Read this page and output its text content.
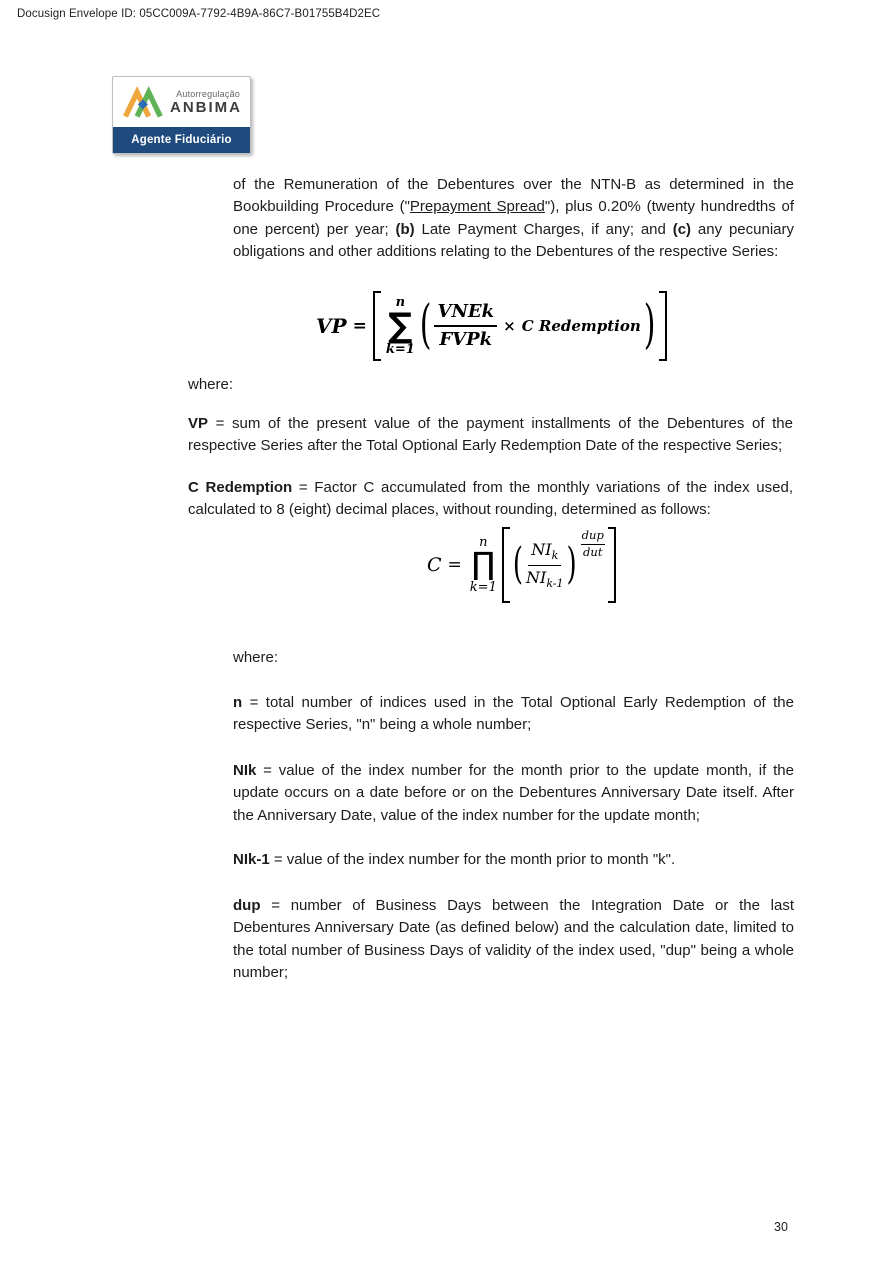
Docusign Envelope ID: 05CC009A-7792-4B9A-86C7-B01755B4D2EC
Autorregulação
ANBIMA
Agente Fiduciário
of the Remuneration of the Debentures over the NTN-B as determined in the Bookbuilding Procedure ("Prepayment Spread"), plus 0.20% (twenty hundredths of one percent) per year; (b) Late Payment Charges, if any; and (c) any pecuniary obligations and other additions relating to the Debentures of the respective Series:
VP =
n
∑
k=1 ( $\frac{\text{VNEk}}{\text{FVPk}} \times C$ Redemption )
where:
VP = sum of the present value of the payment installments of the Debentures of the respective Series after the Total Optional Early Redemption Date of the respective Series;
C Redemption = Factor C accumulated from the monthly variations of the index used, calculated to 8 (eight) decimal places, without rounding, determined as follows:
C =
n
∏
k=1 ( $\frac{NI_k}{NI_{k-1}}$ ) $\frac{\text{dup}}{\text{dut}}$
where:
n = total number of indices used in the Total Optional Early Redemption of the respective Series, "n" being a whole number;
NIk = value of the index number for the month prior to the update month, if the update occurs on a date before or on the Debentures Anniversary Date itself. After the Anniversary Date, value of the index number for the update month;
NIk-1 = value of the index number for the month prior to month "k".
dup = number of Business Days between the Integration Date or the last Debentures Anniversary Date (as defined below) and the calculation date, limited to the total number of Business Days of validity of the index used, "dup" being a whole number;
30
